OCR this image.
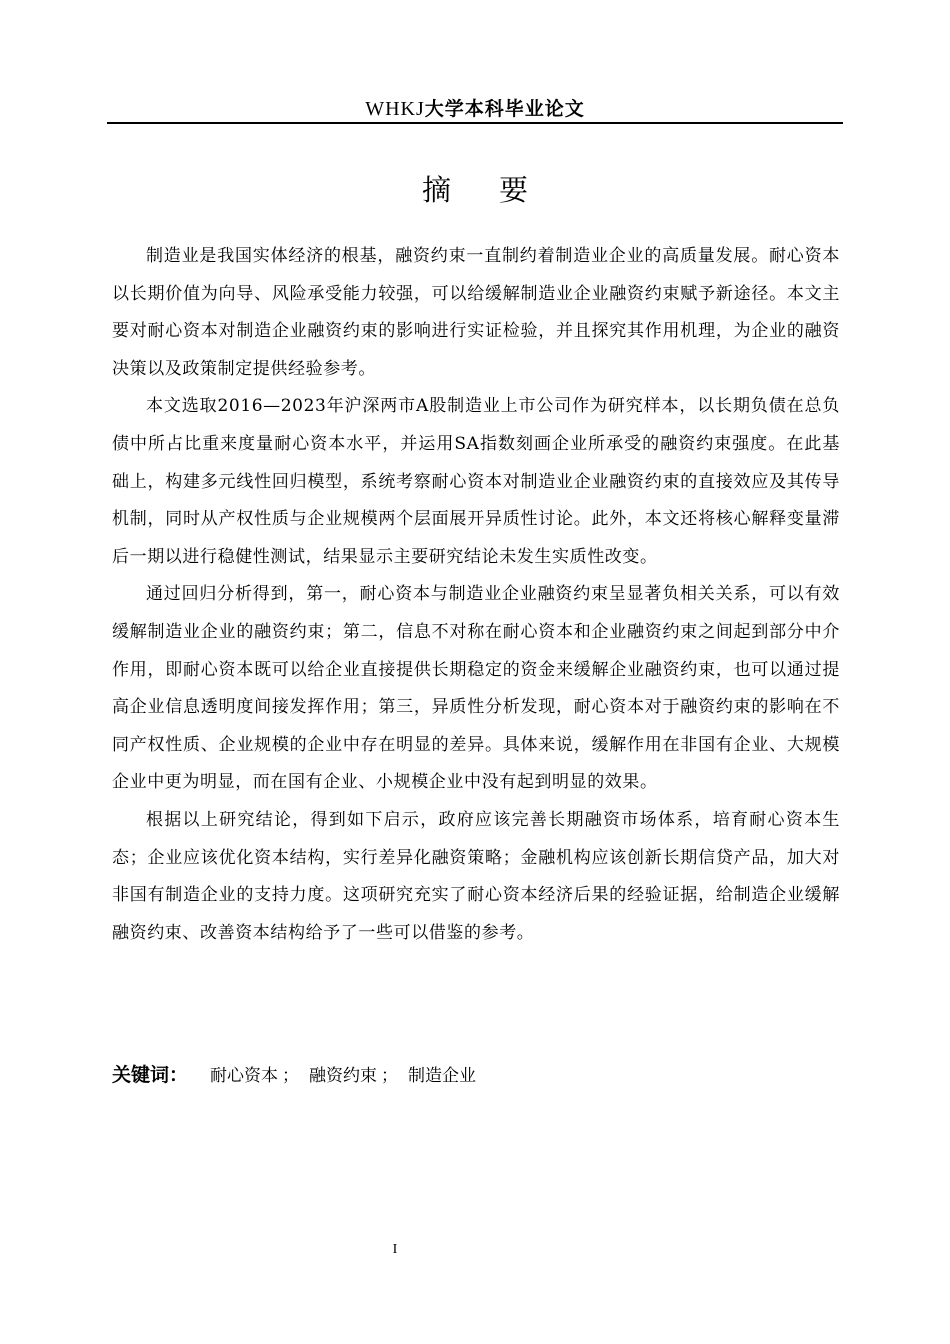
WHKJ大学本科毕业论文
摘 要

制造业是我国实体经济的根基，融资约束一直制约着制造业企业的高质量发展。耐心资本以长期价值为向导、风险承受能力较强，可以给缓解制造业企业融资约束赋予新途径。本文主要对耐心资本对制造企业融资约束的影响进行实证检验，并且探究其作用机理，为企业的融资决策以及政策制定提供经验参考。

本文选取2016—2023年沪深两市A股制造业上市公司作为研究样本，以长期负债在总负债中所占比重来度量耐心资本水平，并运用SA指数刻画企业所承受的融资约束强度。在此基础上，构建多元线性回归模型，系统考察耐心资本对制造业企业融资约束的直接效应及其传导机制，同时从产权性质与企业规模两个层面展开异质性讨论。此外，本文还将核心解释变量滞后一期以进行稳健性测试，结果显示主要研究结论未发生实质性改变。

通过回归分析得到，第一，耐心资本与制造业企业融资约束呈显著负相关关系，可以有效缓解制造业企业的融资约束；第二，信息不对称在耐心资本和企业融资约束之间起到部分中介作用，即耐心资本既可以给企业直接提供长期稳定的资金来缓解企业融资约束，也可以通过提高企业信息透明度间接发挥作用；第三，异质性分析发现，耐心资本对于融资约束的影响在不同产权性质、企业规模的企业中存在明显的差异。具体来说，缓解作用在非国有企业、大规模企业中更为明显，而在国有企业、小规模企业中没有起到明显的效果。

根据以上研究结论，得到如下启示，政府应该完善长期融资市场体系，培育耐心资本生态；企业应该优化资本结构，实行差异化融资策略；金融机构应该创新长期信贷产品，加大对非国有制造企业的支持力度。这项研究充实了耐心资本经济后果的经验证据，给制造企业缓解融资约束、改善资本结构给予了一些可以借鉴的参考。

关键词： 耐心资本 ； 融资约束 ； 制造企业
I
